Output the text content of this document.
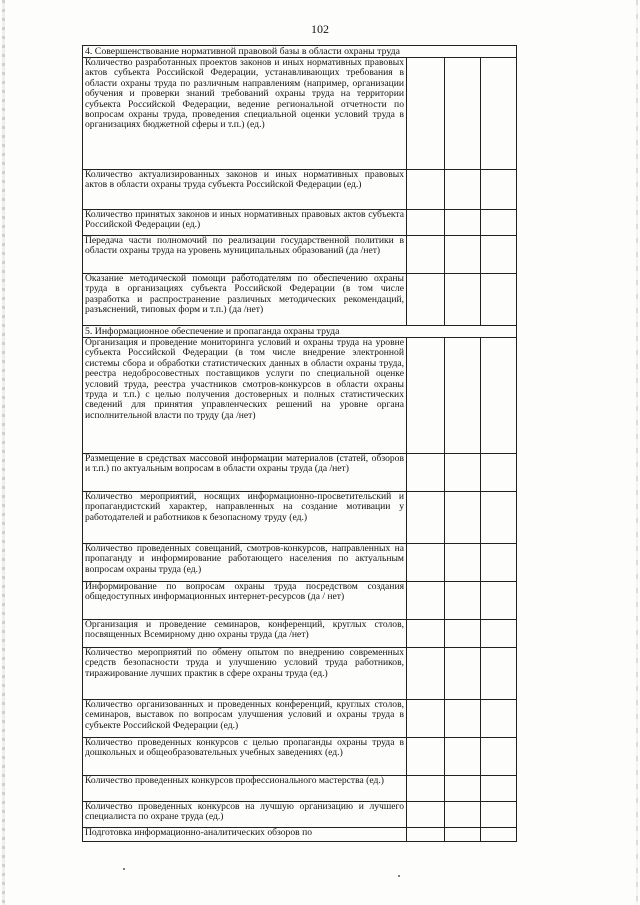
102
4. Совершенствование нормативной правовой базы в области охраны труда			
Количество разработанных проектов законов и иных нормативных правовых актов субъекта Российской Федерации, устанавливающих требования в области охраны труда по различным направлениям (например, организации обучения и проверки знаний требований охраны труда на территории субъекта Российской Федерации, ведение региональной отчетности по вопросам охраны труда, проведения специальной оценки условий труда в организациях бюджетной сферы и т.п.) (ед.)			
Количество актуализированных законов и иных нормативных правовых актов в области охраны труда субъекта Российской Федерации (ед.)			
Количество принятых законов и иных нормативных правовых актов субъекта Российской Федерации (ед.)			
Передача части полномочий по реализации государственной политики в области охраны труда на уровень муниципальных образований (да /нет)			
Оказание методической помощи работодателям по обеспечению охраны труда в организациях субъекта Российской Федерации (в том числе разработка и распространение различных методических рекомендаций, разъяснений, типовых форм и т.п.) (да /нет)			
5. Информационное обеспечение и пропаганда охраны труда			
Организация и проведение мониторинга условий и охраны труда на уровне субъекта Российской Федерации (в том числе внедрение электронной системы сбора и обработки статистических данных в области охраны труда, реестра недобросовестных поставщиков услуги по специальной оценке условий труда, реестра участников смотров-конкурсов в области охраны труда и т.п.) с целью получения достоверных и полных статистических сведений для принятия управленческих решений на уровне органа исполнительной власти по труду (да /нет)			
Размещение в средствах массовой информации материалов (статей, обзоров и т.п.) по актуальным вопросам в области охраны труда (да /нет)			
Количество мероприятий, носящих информационно-просветительский и пропагандистский характер, направленных на создание мотивации у работодателей и работников к безопасному труду (ед.)			
Количество проведенных совещаний, смотров-конкурсов, направленных на пропаганду и информирование работающего населения по актуальным вопросам охраны труда (ед.)			
Информирование по вопросам охраны труда посредством создания общедоступных информационных интернет-ресурсов (да / нет)			
Организация и проведение семинаров, конференций, круглых столов, посвященных Всемирному дню охраны труда (да /нет)			
Количество мероприятий по обмену опытом по внедрению современных средств безопасности труда и улучшению условий труда работников, тиражирование лучших практик в сфере охраны труда (ед.)			
Количество организованных и проведенных конференций, круглых столов, семинаров, выставок по вопросам улучшения условий и охраны труда в субъекте Российской Федерации (ед.)			
Количество проведенных конкурсов с целью пропаганды охраны труда в дошкольных и общеобразовательных учебных заведениях (ед.)			
Количество проведенных конкурсов профессионального мастерства (ед.)			
Количество проведенных конкурсов на лучшую организацию и лучшего специалиста по охране труда (ед.)			
Подготовка информационно-аналитических обзоров по			
